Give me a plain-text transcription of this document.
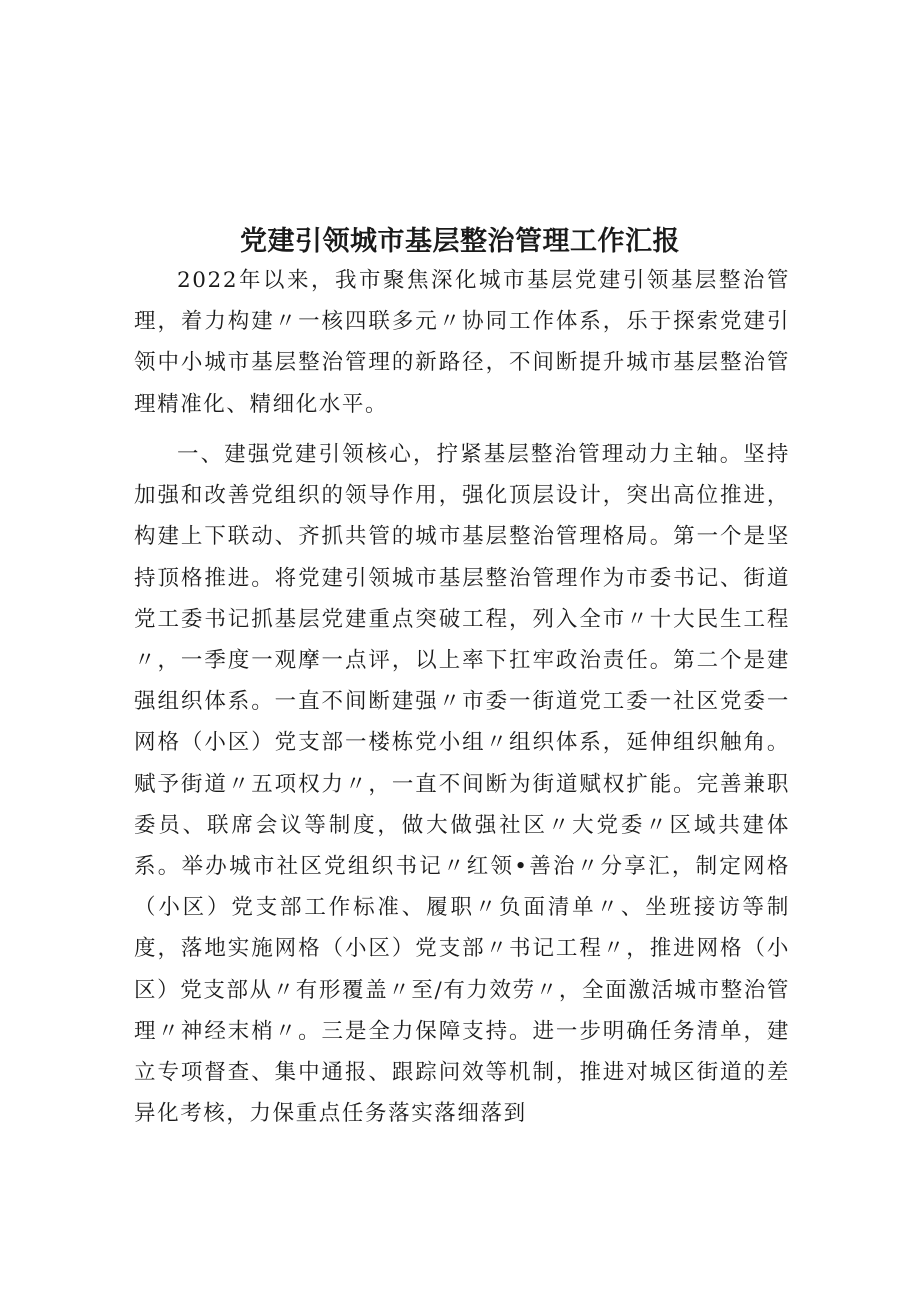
党建引领城市基层整治管理工作汇报

2022年以来，我市聚焦深化城市基层党建引领基层整治管理，着力构建〃一核四联多元〃协同工作体系，乐于探索党建引领中小城市基层整治管理的新路径，不间断提升城市基层整治管理精准化、精细化水平。

一、建强党建引领核心，拧紧基层整治管理动力主轴。坚持加强和改善党组织的领导作用，强化顶层设计，突出高位推进，构建上下联动、齐抓共管的城市基层整治管理格局。第一个是坚持顶格推进。将党建引领城市基层整治管理作为市委书记、街道党工委书记抓基层党建重点突破工程，列入全市〃十大民生工程〃，一季度一观摩一点评，以上率下扛牢政治责任。第二个是建强组织体系。一直不间断建强〃市委一街道党工委一社区党委一网格（小区）党支部一楼栋党小组〃组织体系，延伸组织触角。赋予街道〃五项权力〃，一直不间断为街道赋权扩能。完善兼职委员、联席会议等制度，做大做强社区〃大党委〃区域共建体系。举办城市社区党组织书记〃红领•善治〃分享汇，制定网格（小区）党支部工作标准、履职〃负面清单〃、坐班接访等制度，落地实施网格（小区）党支部〃书记工程〃，推进网格（小区）党支部从〃有形覆盖〃至/有力效劳〃，全面激活城市整治管理〃神经末梢〃。三是全力保障支持。进一步明确任务清单，建立专项督查、集中通报、跟踪问效等机制，推进对城区街道的差异化考核，力保重点任务落实落细落到
